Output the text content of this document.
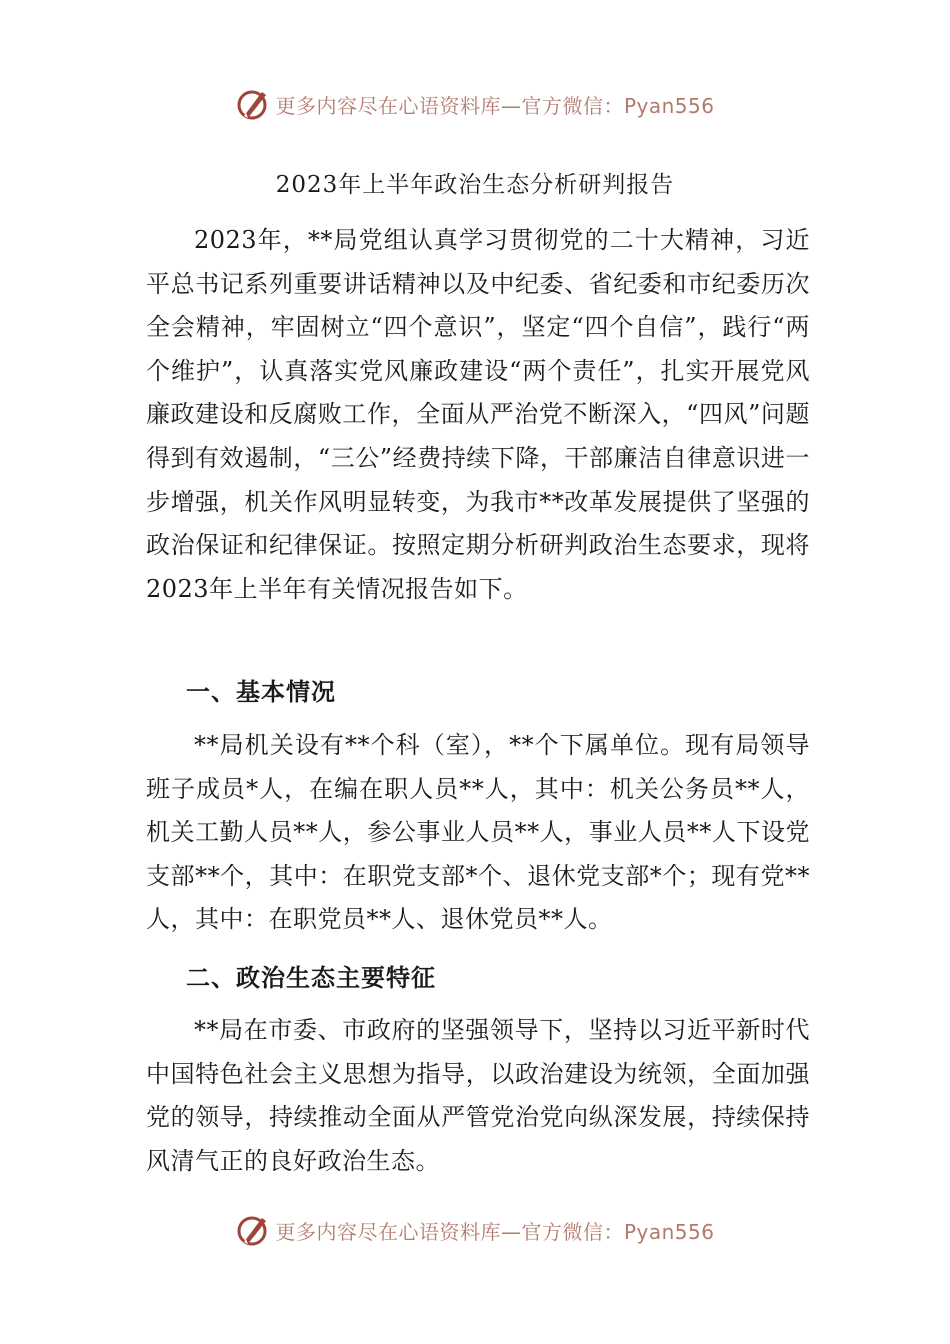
更多内容尽在心语资料库—官方微信：Pyan556
2023年上半年政治生态分析研判报告

2023年，**局党组认真学习贯彻党的二十大精神，习近平总书记系列重要讲话精神以及中纪委、省纪委和市纪委历次全会精神，牢固树立“四个意识”，坚定“四个自信”，践行“两个维护”，认真落实党风廉政建设“两个责任”，扎实开展党风廉政建设和反腐败工作，全面从严治党不断深入，“四风”问题得到有效遏制，“三公”经费持续下降，干部廉洁自律意识进一步增强，机关作风明显转变，为我市**改革发展提供了坚强的政治保证和纪律保证。按照定期分析研判政治生态要求，现将2023年上半年有关情况报告如下。

一、基本情况

**局机关设有**个科（室），**个下属单位。现有局领导班子成员*人，在编在职人员**人，其中：机关公务员**人，机关工勤人员**人，参公事业人员**人，事业人员**人下设党支部**个，其中：在职党支部*个、退休党支部*个；现有党**人，其中：在职党员**人、退休党员**人。

二、政治生态主要特征

**局在市委、市政府的坚强领导下，坚持以习近平新时代中国特色社会主义思想为指导，以政治建设为统领，全面加强党的领导，持续推动全面从严管党治党向纵深发展，持续保持风清气正的良好政治生态。

更多内容尽在心语资料库—官方微信：Pyan556
